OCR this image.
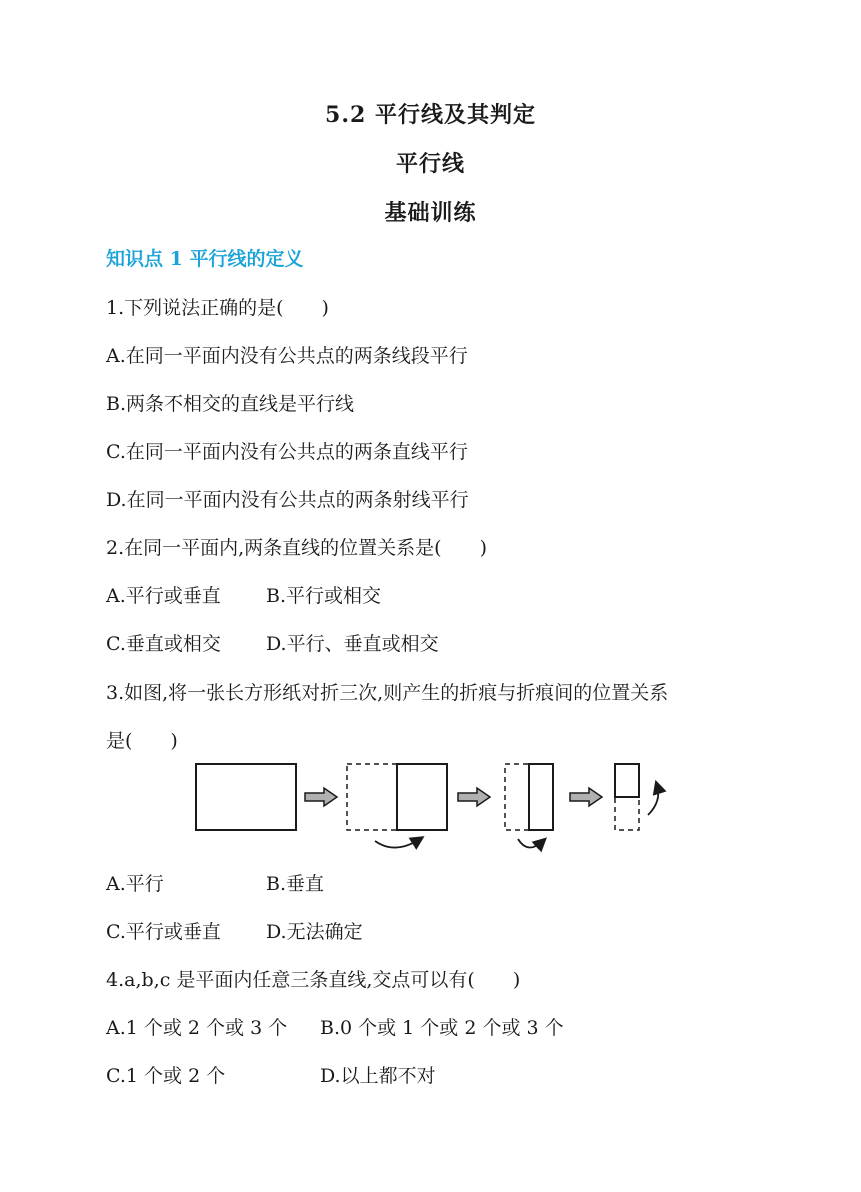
5.2 平行线及其判定
平行线
基础训练
知识点 1 平行线的定义
1.下列说法正确的是(　　)
A.在同一平面内没有公共点的两条线段平行
B.两条不相交的直线是平行线
C.在同一平面内没有公共点的两条直线平行
D.在同一平面内没有公共点的两条射线平行
2.在同一平面内,两条直线的位置关系是(　　)
A.平行或垂直 B.平行或相交
C.垂直或相交 D.平行、垂直或相交
3.如图,将一张长方形纸对折三次,则产生的折痕与折痕间的位置关系
是(　　)
A.平行	B.垂直
C.平行或垂直 D.无法确定
4.a,b,c 是平面内任意三条直线,交点可以有(　　)
A.1 个或 2 个或 3 个 B.0 个或 1 个或 2 个或 3 个
C.1 个或 2 个	D.以上都不对
